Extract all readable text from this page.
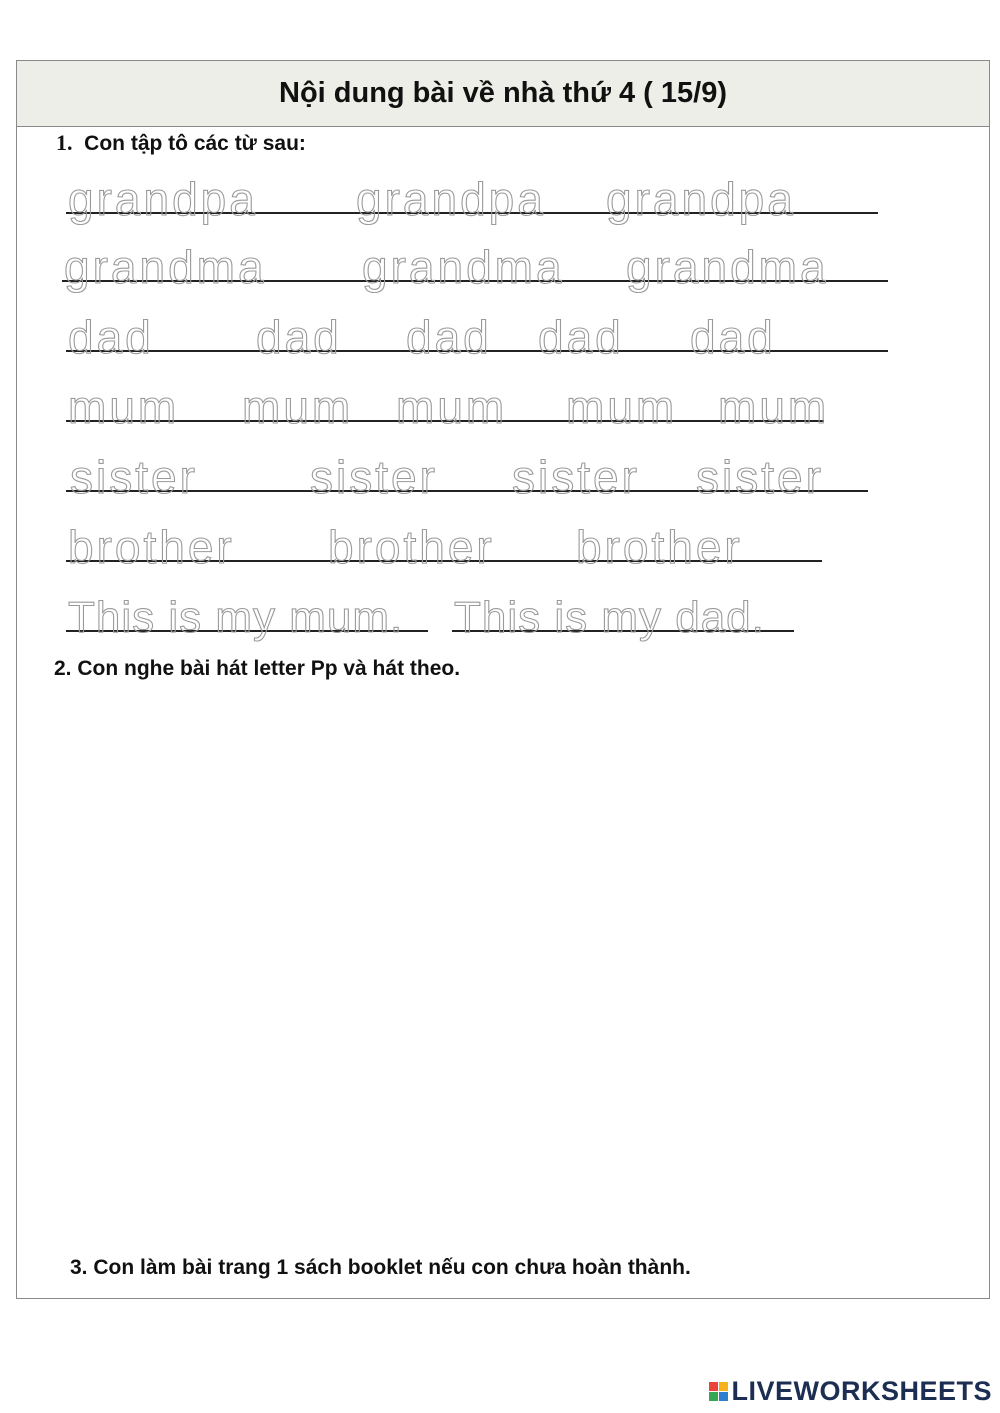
Nội dung bài về nhà thứ 4 ( 15/9)
1. Con tập tô các từ sau:
grandpa grandpa grandpa
grandma grandma grandma
dad dad dad dad dad
mum mum mum mum mum
sister sister sister sister
brother brother brother
This is my mum. This is my dad.
2. Con nghe bài hát letter Pp và hát theo.
3. Con làm bài trang 1 sách booklet nếu con chưa hoàn thành.
LIVEWORKSHEETS
